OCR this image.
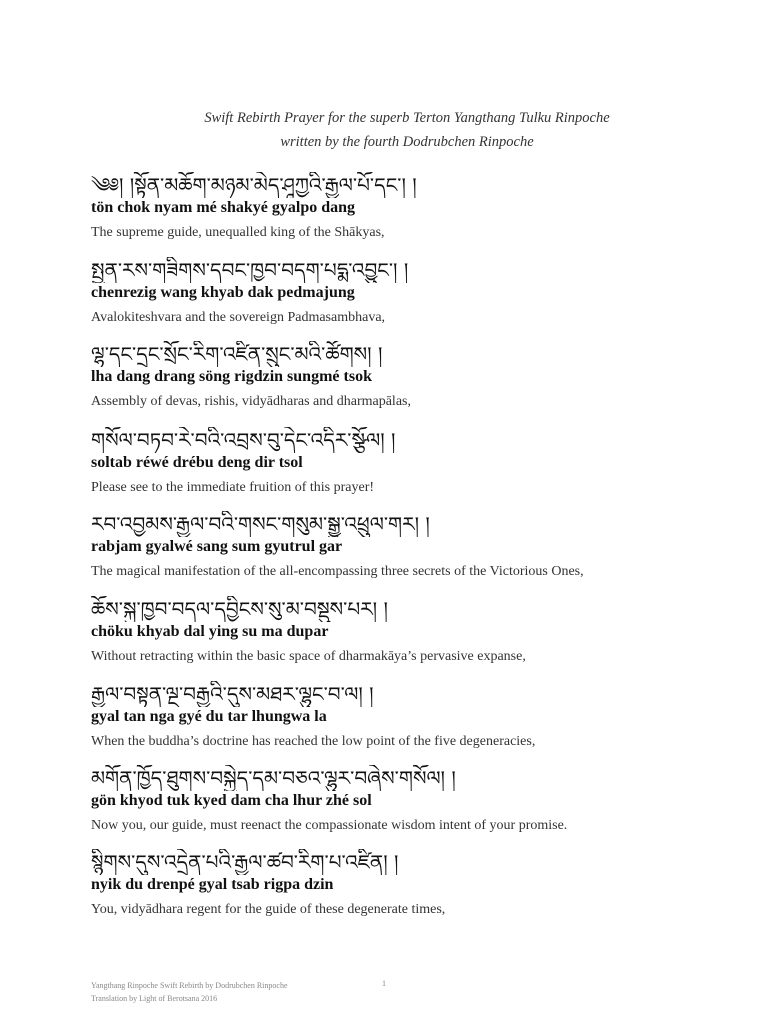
Swift Rebirth Prayer for the superb Terton Yangthang Tulku Rinpoche
written by the fourth Dodrubchen Rinpoche
༄༅། །སྟོན་མཆོག་མཉམ་མེད་ཤཱཀྱའི་རྒྱལ་པོ་དང་། །
tön chok nyam mé shakyé gyalpo dang
The supreme guide, unequalled king of the Shākyas,
སྤྱན་རས་གཟིགས་དབང་ཁྱབ་བདག་པདྨ་འབྱུང་། །
chenrezig wang khyab dak pedmajung
Avalokiteshvara and the sovereign Padmasambhava,
ལྷ་དང་དྲང་སྲོང་རིག་འཛིན་སྲུང་མའི་ཚོགས། །
lha dang drang söng rigdzin sungmé tsok
Assembly of devas, rishis, vidyādharas and dharmapālas,
གསོལ་བཏབ་རེ་བའི་འབྲས་བུ་དེང་འདིར་སྩོལ། །
soltab réwé drébu deng dir tsol
Please see to the immediate fruition of this prayer!
རབ་འབྱམས་རྒྱལ་བའི་གསང་གསུམ་སྒྱུ་འཕྲུལ་གར། །
rabjam gyalwé sang sum gyutrul gar
The magical manifestation of the all-encompassing three secrets of the Victorious Ones,
ཆོས་སྐུ་ཁྱབ་བདལ་དབྱིངས་སུ་མ་བསྡུས་པར། །
chöku khyab dal ying su ma dupar
Without retracting within the basic space of dharmakāya’s pervasive expanse,
རྒྱལ་བསྟན་ལྔ་བརྒྱའི་དུས་མཐར་ལྷུང་བ་ལ། །
gyal tan nga gyé du tar lhungwa la
When the buddha’s doctrine has reached the low point of the five degeneracies,
མགོན་ཁྱོད་ཐུགས་བསྐྱེད་དམ་བཅའ་ལྷུར་བཞེས་གསོལ། །
gön khyod tuk kyed dam cha lhur zhé sol
Now you, our guide, must reenact the compassionate wisdom intent of your promise.
སྙིགས་དུས་འདྲེན་པའི་རྒྱལ་ཚབ་རིག་པ་འཛིན། །
nyik du drenpé gyal tsab rigpa dzin
You, vidyādhara regent for the guide of these degenerate times,
Yangthang Rinpoche Swift Rebirth by Dodrubchen Rinpoche
Translation by Light of Berotsana 2016
1
